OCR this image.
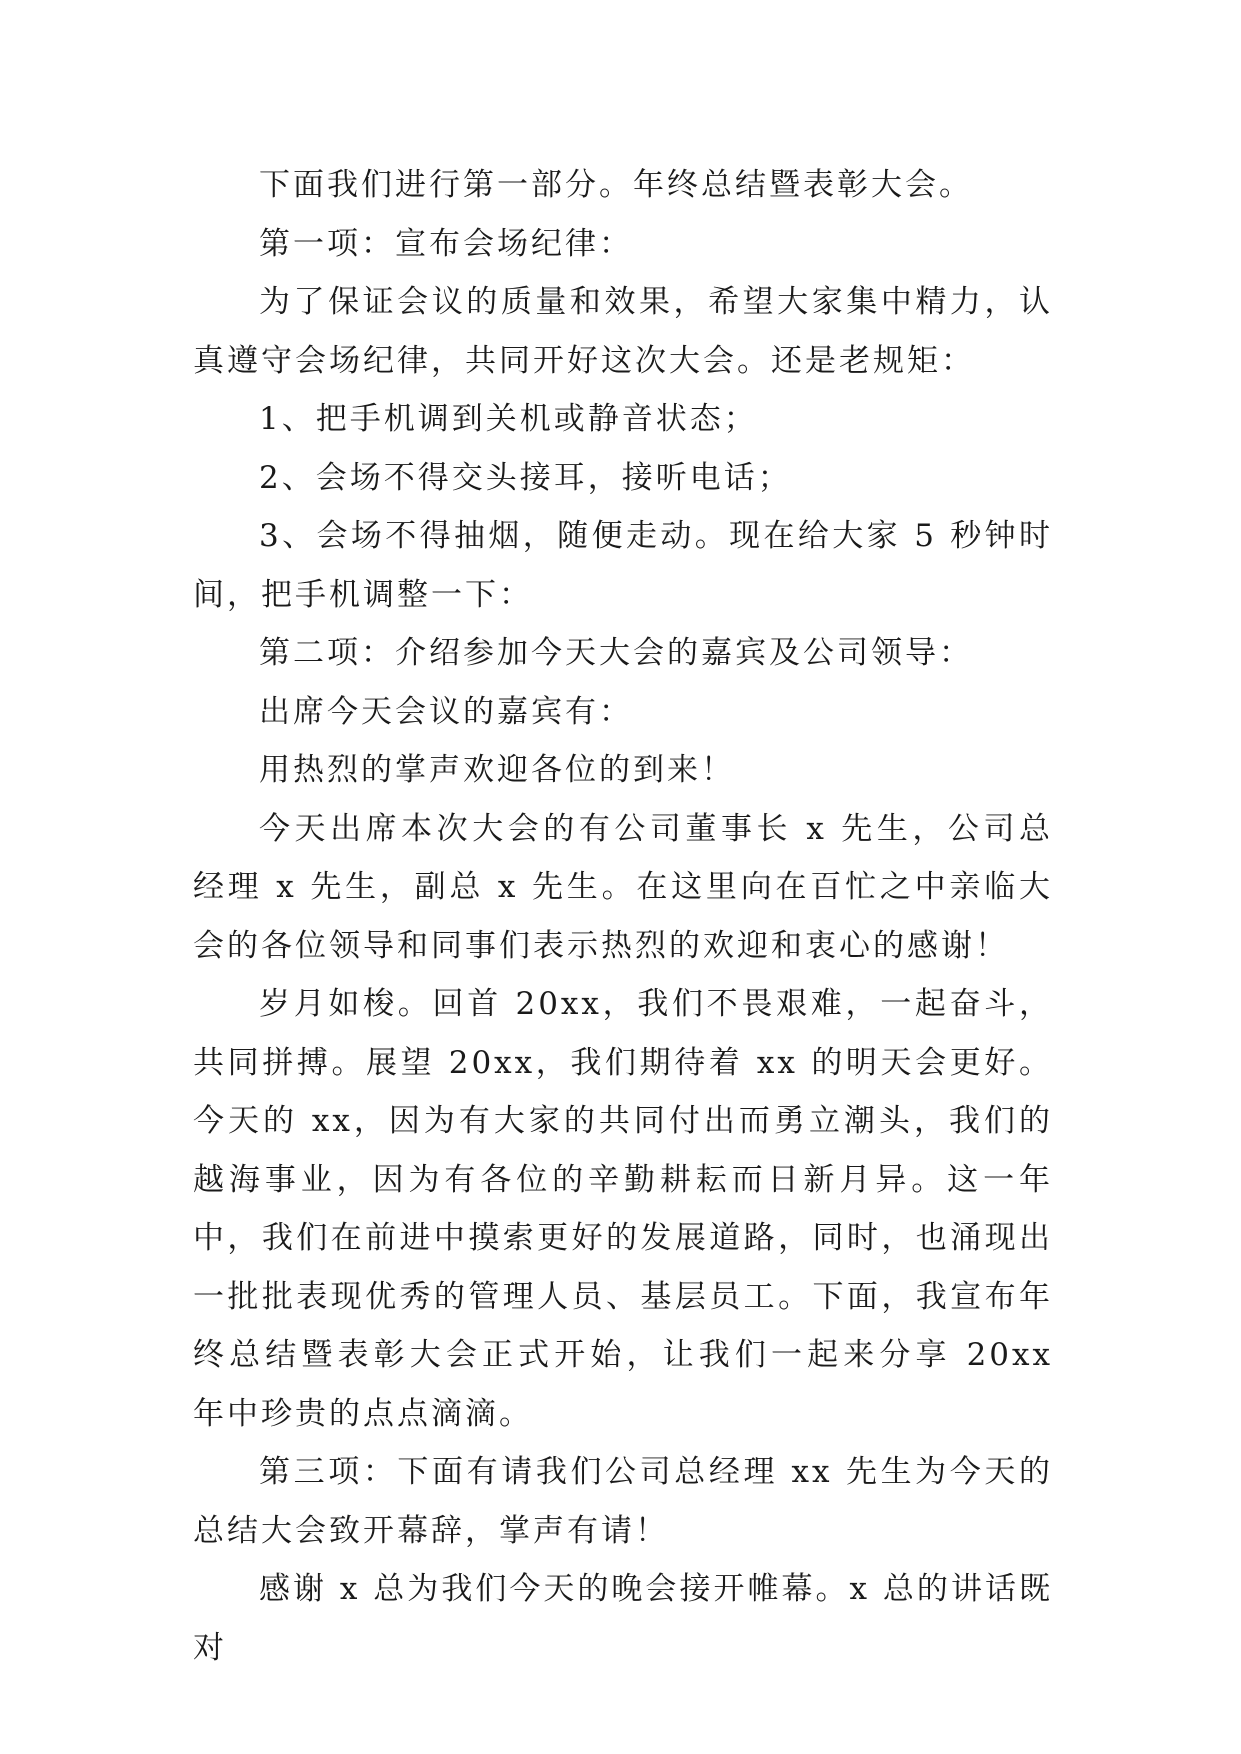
下面我们进行第一部分。年终总结暨表彰大会。

第一项：宣布会场纪律：

为了保证会议的质量和效果，希望大家集中精力，认真遵守会场纪律，共同开好这次大会。还是老规矩：

1、把手机调到关机或静音状态；

2、会场不得交头接耳，接听电话；

3、会场不得抽烟，随便走动。现在给大家 5 秒钟时间，把手机调整一下：

第二项：介绍参加今天大会的嘉宾及公司领导：

出席今天会议的嘉宾有：

用热烈的掌声欢迎各位的到来！

今天出席本次大会的有公司董事长 x 先生，公司总经理 x 先生，副总 x 先生。在这里向在百忙之中亲临大会的各位领导和同事们表示热烈的欢迎和衷心的感谢！

岁月如梭。回首 20xx，我们不畏艰难，一起奋斗，共同拼搏。展望 20xx，我们期待着 xx 的明天会更好。今天的 xx，因为有大家的共同付出而勇立潮头，我们的越海事业，因为有各位的辛勤耕耘而日新月异。这一年中，我们在前进中摸索更好的发展道路，同时，也涌现出一批批表现优秀的管理人员、基层员工。下面，我宣布年终总结暨表彰大会正式开始，让我们一起来分享 20xx 年中珍贵的点点滴滴。

第三项：下面有请我们公司总经理 xx 先生为今天的总结大会致开幕辞，掌声有请！

感谢 x 总为我们今天的晚会接开帷幕。x 总的讲话既对
